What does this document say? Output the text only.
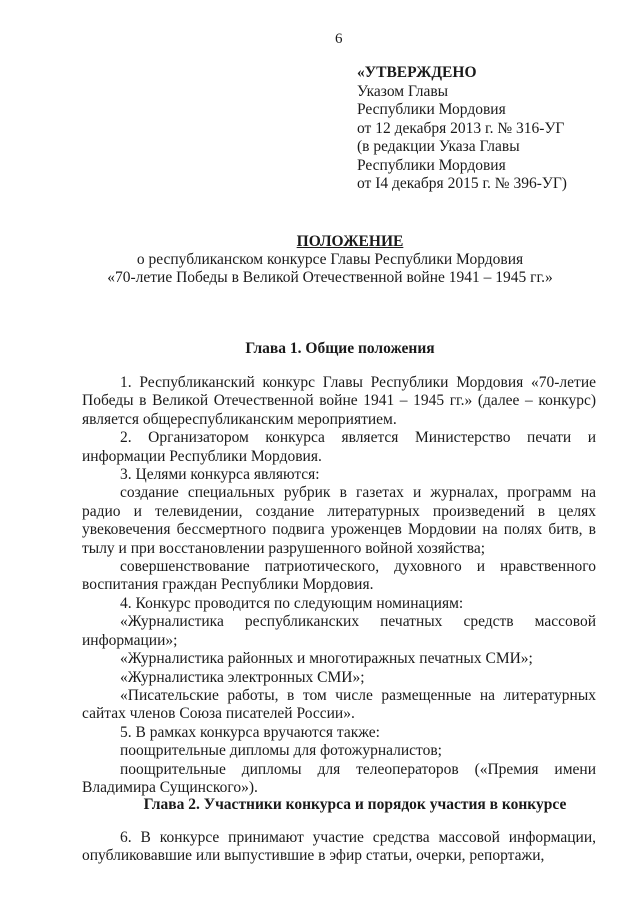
6
«УТВЕРЖДЕНО
Указом Главы
Республики Мордовия
от 12 декабря 2013 г. № 316-УГ
(в редакции Указа Главы
Республики Мордовия
от I4 декабря 2015 г. № 396-УГ)
ПОЛОЖЕНИЕ
о республиканском конкурсе Главы Республики Мордовия
«70-летие Победы в Великой Отечественной войне 1941 – 1945 гг.»
Глава 1. Общие положения

1. Республиканский конкурс Главы Республики Мордовия «70-летие Победы в Великой Отечественной войне 1941 – 1945 гг.» (далее – конкурс) является общереспубликанским мероприятием.

2. Организатором конкурса является Министерство печати и информации Республики Мордовия.

3. Целями конкурса являются:

создание специальных рубрик в газетах и журналах, программ на радио и телевидении, создание литературных произведений в целях увековечения бессмертного подвига уроженцев Мордовии на полях битв, в тылу и при восстановлении разрушенного войной хозяйства;

совершенствование патриотического, духовного и нравственного воспитания граждан Республики Мордовия.

4. Конкурс проводится по следующим номинациям:

«Журналистика республиканских печатных средств массовой информации»;

«Журналистика районных и многотиражных печатных СМИ»;

«Журналистика электронных СМИ»;

«Писательские работы, в том числе размещенные на литературных сайтах членов Союза писателей России».

5. В рамках конкурса вручаются также:

поощрительные дипломы для фотожурналистов;

поощрительные дипломы для телеоператоров («Премия имени Владимира Сущинского»).

Глава 2. Участники конкурса и порядок участия в конкурсе

6. В конкурсе принимают участие средства массовой информации, опубликовавшие или выпустившие в эфир статьи, очерки, репортажи,
